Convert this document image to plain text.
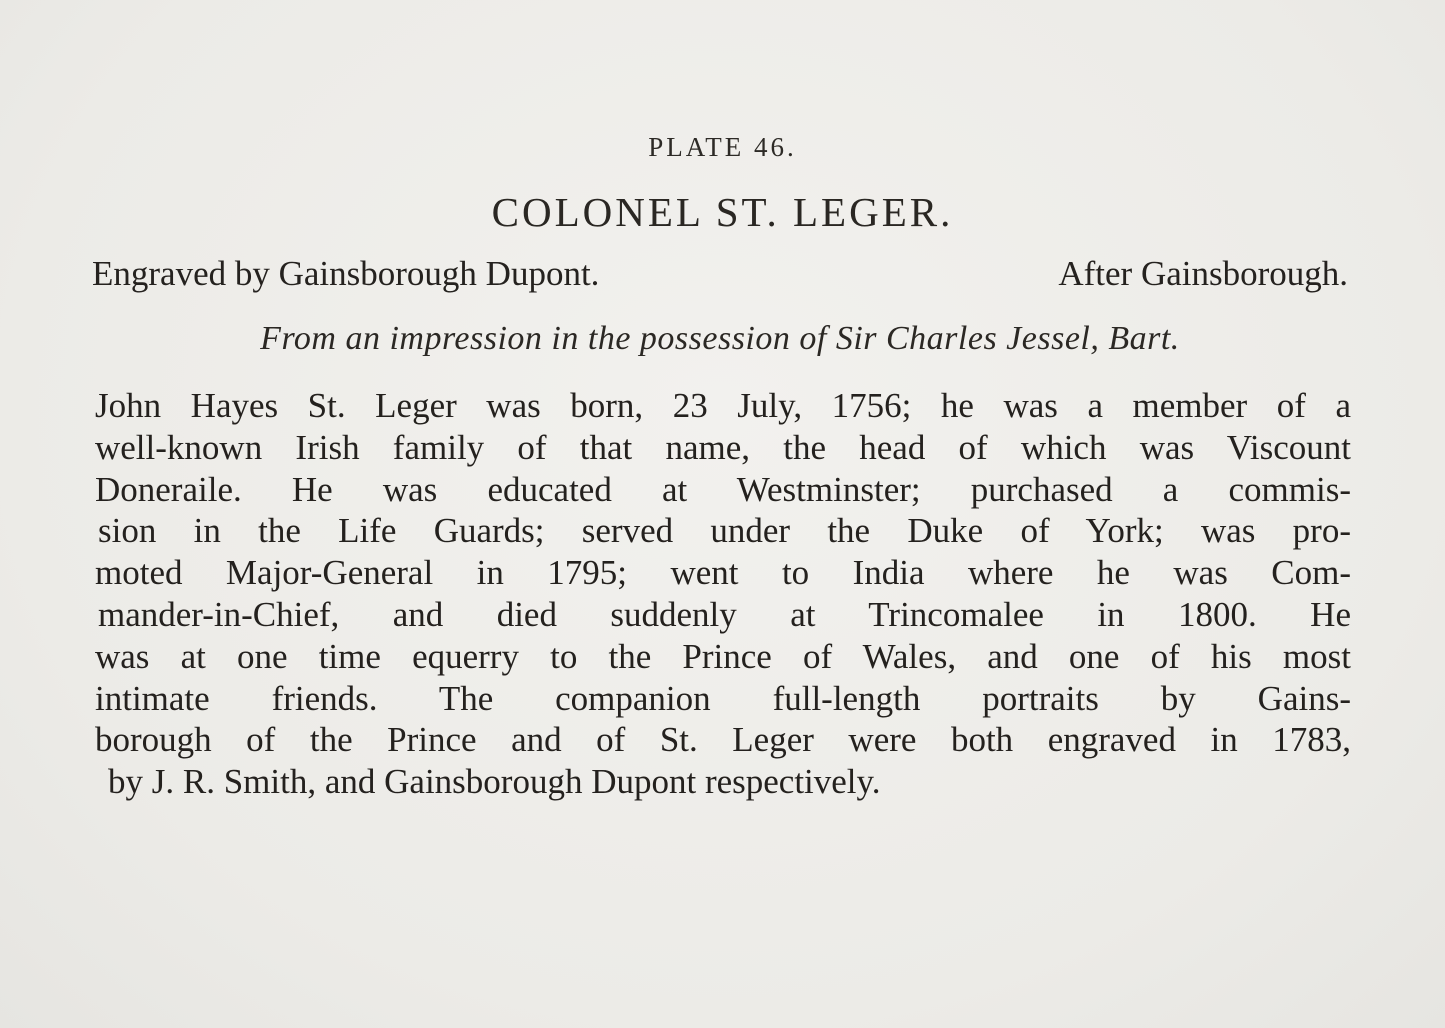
PLATE 46.
COLONEL ST. LEGER.
Engraved by Gainsborough Dupont.	After Gainsborough.
From an impression in the possession of Sir Charles Jessel, Bart.
John Hayes St. Leger was born, 23 July, 1756; he was a member of a
well-known Irish family of that name, the head of which was Viscount
Doneraile. He was educated at Westminster; purchased a commis-
sion in the Life Guards; served under the Duke of York; was pro-
moted Major-General in 1795; went to India where he was Com-
mander-in-Chief, and died suddenly at Trincomalee in 1800. He
was at one time equerry to the Prince of Wales, and one of his most
intimate friends. The companion full-length portraits by Gains-
borough of the Prince and of St. Leger were both engraved in 1783,
by J. R. Smith, and Gainsborough Dupont respectively.
